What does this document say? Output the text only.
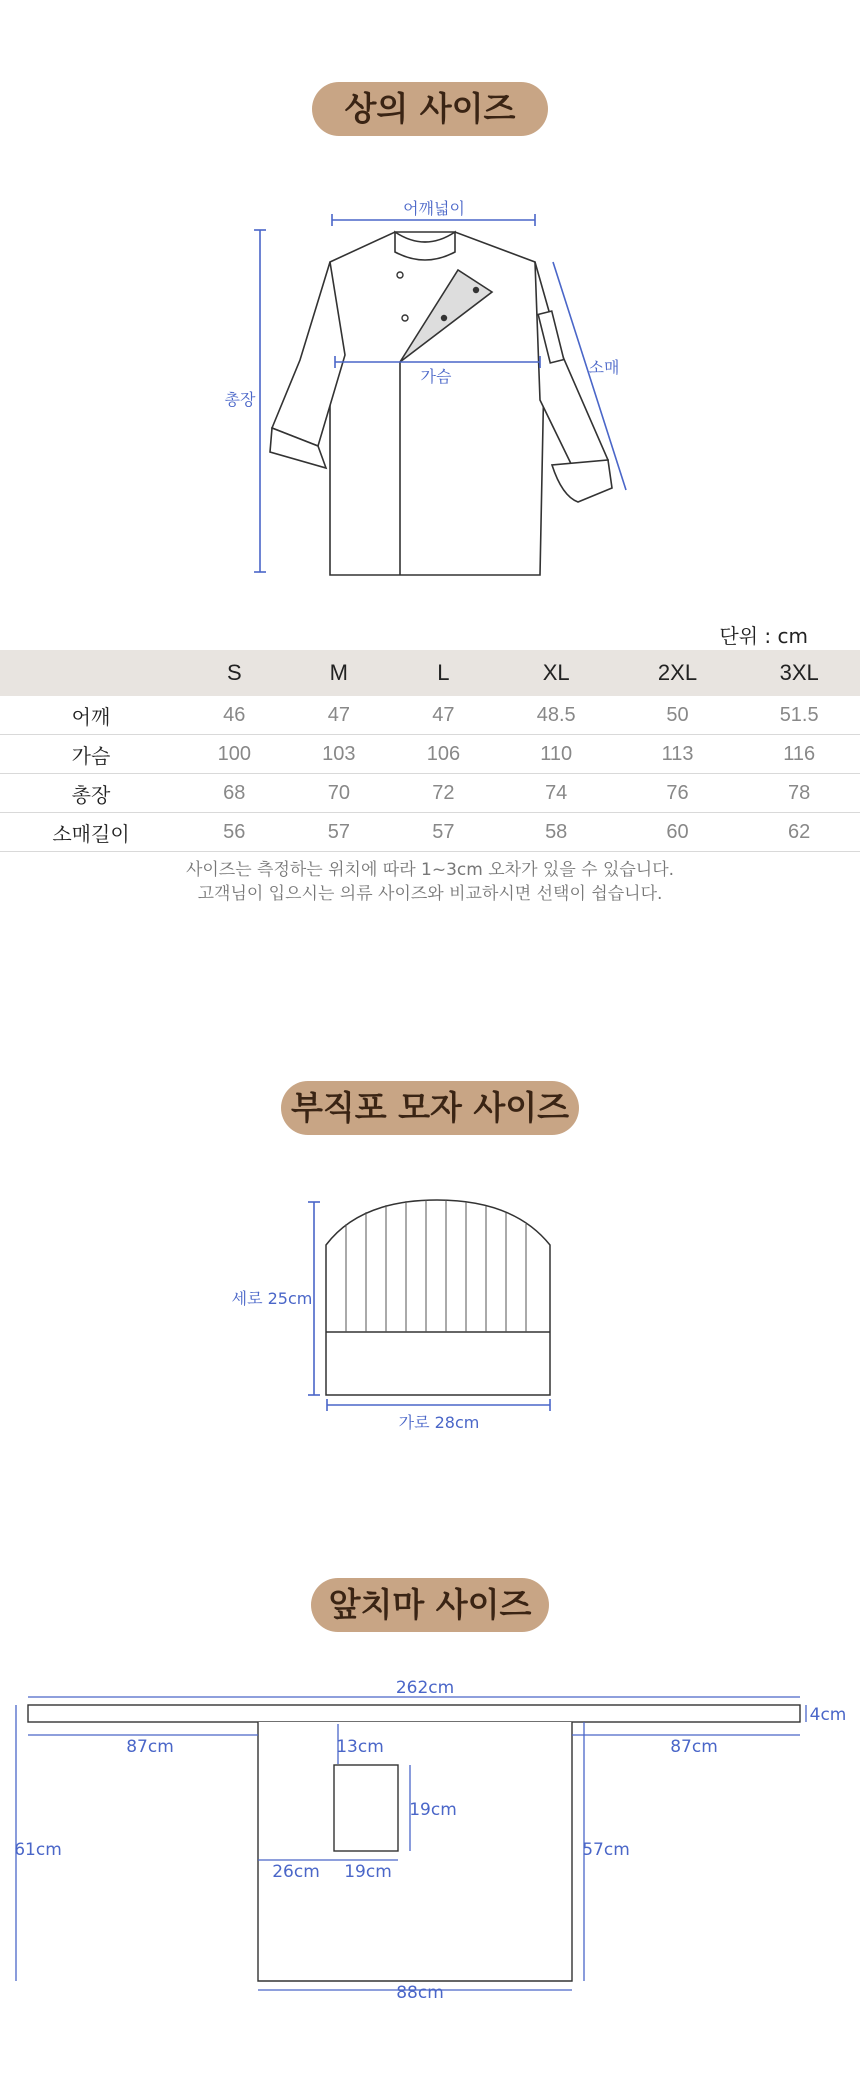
상의 사이즈
어깨넓이
가슴
총장
소매
단위 : cm
	S	M	L	XL	2XL	3XL
어깨	46	47	47	48.5	50	51.5
가슴	100	103	106	110	113	116
총장	68	70	72	74	76	78
소매길이	56	57	57	58	60	62
사이즈는 측정하는 위치에 따라 1~3cm 오차가 있을 수 있습니다.
고객님이 입으시는 의류 사이즈와 비교하시면 선택이 쉽습니다.
부직포 모자 사이즈
세로 25cm
가로 28cm
앞치마 사이즈
262cm
4cm
87cm	87cm
13cm
19cm
26cm 19cm
61cm	57cm
88cm
